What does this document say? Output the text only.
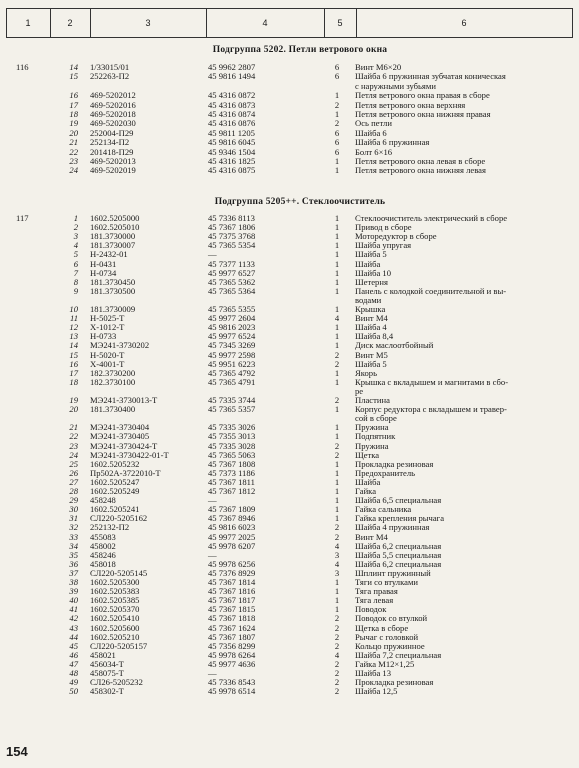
1	2	3	4	5	6
Подгруппа 5202. Петли ветрового окна
116	14 1/33015/01	45 9962 2807	6	Винт М6×20
15 252263-П2	45 9816 1494	6	Шайба 6 пружинная зубчатая коническая
с наружными зубьями
16 469-5202012	45 4316 0872	1	Петля ветрового окна правая в сборе
17 469-5202016	45 4316 0873	2	Петля ветрового окна верхняя
18 469-5202018	45 4316 0874	1	Петля ветрового окна нижняя правая
19 469-5202030	45 4316 0876	2	Ось петли
20 252004-П29	45 9811 1205	6	Шайба 6
21 252134-П2	45 9816 6045	6	Шайба 6 пружинная
22 201418-П29	45 9346 1504	6	Болт 6×16
23 469-5202013	45 4316 1825	1	Петля ветрового окна левая в сборе
24 469-5202019	45 4316 0875	1	Петля ветрового окна нижняя левая
Подгруппа 5205++. Стеклоочиститель
117	1 1602.5205000	45 7336 8113	1	Стеклоочиститель электрический в сборе
2 1602.5205010	45 7367 1806	1	Привод в сборе
3 181.3730000	45 7375 3768	1	Моторедуктор в сборе
4 181.3730007	45 7365 5354	1	Шайба упругая
5 Н-2432-01	—	1	Шайба 5
6 Н-0431	45 7377 1133	1	Шайба
7 Н-0734	45 9977 6527	1	Шайба 10
8 181.3730450	45 7365 5362	1	Шетерня
9 181.3730500	45 7365 5364	1	Панель с колодкой соединительной и вы-
водами
10 181.3730009	45 7365 5355	1	Крышка
11 Н-5025-Т	45 9977 2604	4	Винт М4
12 Х-1012-Т	45 9816 2023	1	Шайба 4
13 Н-0733	45 9977 6524	1	Шайба 8,4
14 МЭ241-3730202	45 7345 3269	1	Диск маслоотбойный
15 Н-5020-Т	45 9977 2598	2	Винт М5
16 Х-4001-Т	45 9951 6223	2	Шайба 5
17 182.3730200	45 7365 4792	1	Якорь
18 182.3730100	45 7365 4791	1	Крышка с вкладышем и магнитами в сбо-
ре
19 МЭ241-3730013-Т	45 7335 3744	2	Пластина
20 181.3730400	45 7365 5357	1	Корпус редуктора с вкладышем и травер-
сой в сборе
21 МЭ241-3730404	45 7335 3026	1	Пружина
22 МЭ241-3730405	45 7355 3013	1	Подпятник
23 МЭ241-3730424-Т	45 7335 3028	2	Пружина
24 МЭ241-3730422-01-Т	45 7365 5063	2	Щетка
25 1602.5205232	45 7367 1808	1	Прокладка резиновая
26 Пр502А-3722010-Т	45 7373 1186	1	Предохранитель
27 1602.5205247	45 7367 1811	1	Шайба
28 1602.5205249	45 7367 1812	1	Гайка
29 458248	—	1	Шайба 6,5 специальная
30 1602.5205241	45 7367 1809	1	Гайка сальника
31 СЛ220-5205162	45 7367 8946	1	Гайка крепления рычага
32 252132-П2	45 9816 6023	2	Шайба 4 пружинная
33 455083	45 9977 2025	2	Винт М4
34 458002	45 9978 6207	4	Шайба 6,2 специальная
35 458246	—	3	Шайба 5,5 специальная
36 458018	45 9978 6256	4	Шайба 6,2 специальная
37 СЛ220-5205145	45 7376 8929	3	Шплинт пружинный
38 1602.5205300	45 7367 1814	1	Тяги со втулками
39 1602.5205383	45 7367 1816	1	Тяга правая
40 1602.5205385	45 7367 1817	1	Тяга левая
41 1602.5205370	45 7367 1815	1	Поводок
42 1602.5205410	45 7367 1818	2	Поводок со втулкой
43 1602.5205600	45 7367 1624	2	Щетка в сборе
44 1602.5205210	45 7367 1807	2	Рычаг с головкой
45 СЛ220-5205157	45 7356 8299	2	Кольцо пружинное
46 458021	45 9978 6264	4	Шайба 7,2 специальная
47 456034-Т	45 9977 4636	2	Гайка М12×1,25
48 458075-Т	—	2	Шайба 13
49 СЛ26-5205232	45 7336 8543	2	Прокладка резиновая
50 458302-Т	45 9978 6514	2	Шайба 12,5
154
